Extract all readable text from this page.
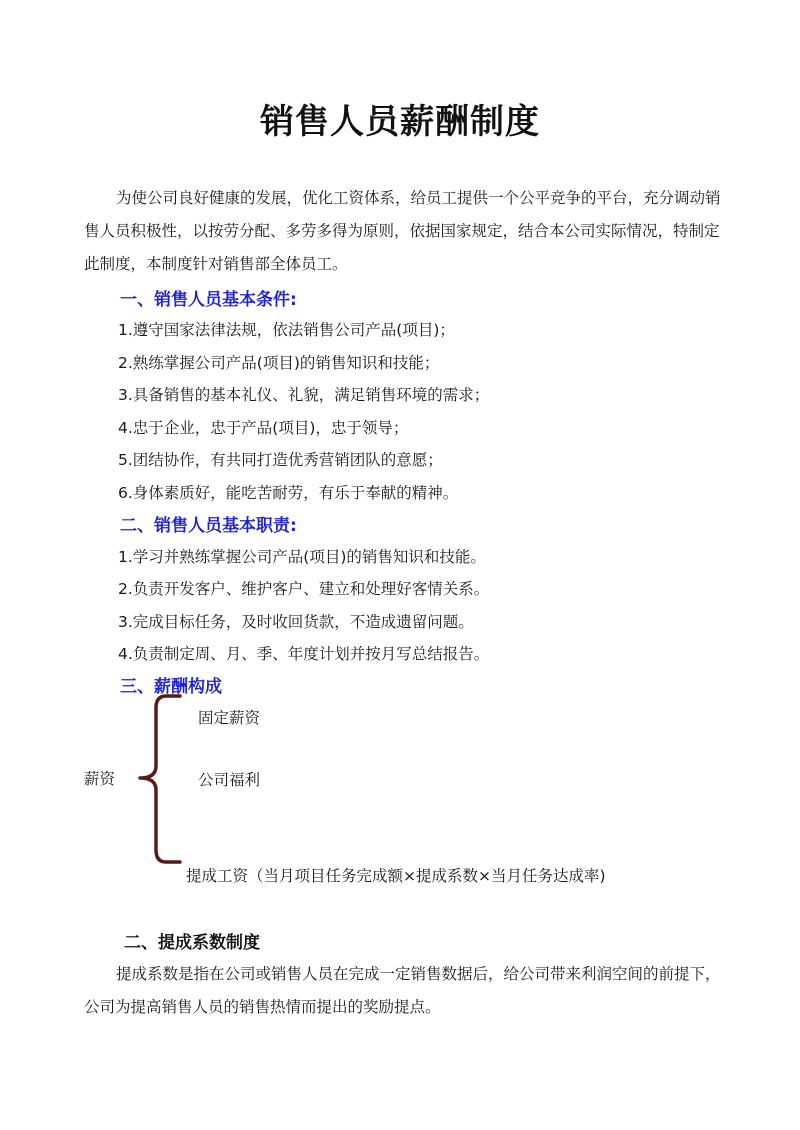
销售人员薪酬制度

为使公司良好健康的发展，优化工资体系，给员工提供一个公平竞争的平台，充分调动销售人员积极性，以按劳分配、多劳多得为原则，依据国家规定，结合本公司实际情况，特制定此制度，本制度针对销售部全体员工。

一、销售人员基本条件:
1.遵守国家法律法规，依法销售公司产品(项目)；
2.熟练掌握公司产品(项目)的销售知识和技能；
3.具备销售的基本礼仪、礼貌，满足销售环境的需求；
4.忠于企业，忠于产品(项目)，忠于领导；
5.团结协作，有共同打造优秀营销团队的意愿；
6.身体素质好，能吃苦耐劳，有乐于奉献的精神。
二、销售人员基本职责:
1.学习并熟练掌握公司产品(项目)的销售知识和技能。
2.负责开发客户、维护客户、建立和处理好客情关系。
3.完成目标任务，及时收回货款，不造成遗留问题。
4.负责制定周、月、季、年度计划并按月写总结报告。
三、薪酬构成
薪资
固定薪资
公司福利
提成工资（当月项目任务完成额×提成系数×当月任务达成率)
二、提成系数制度

提成系数是指在公司或销售人员在完成一定销售数据后，给公司带来利润空间的前提下，公司为提高销售人员的销售热情而提出的奖励提点。
